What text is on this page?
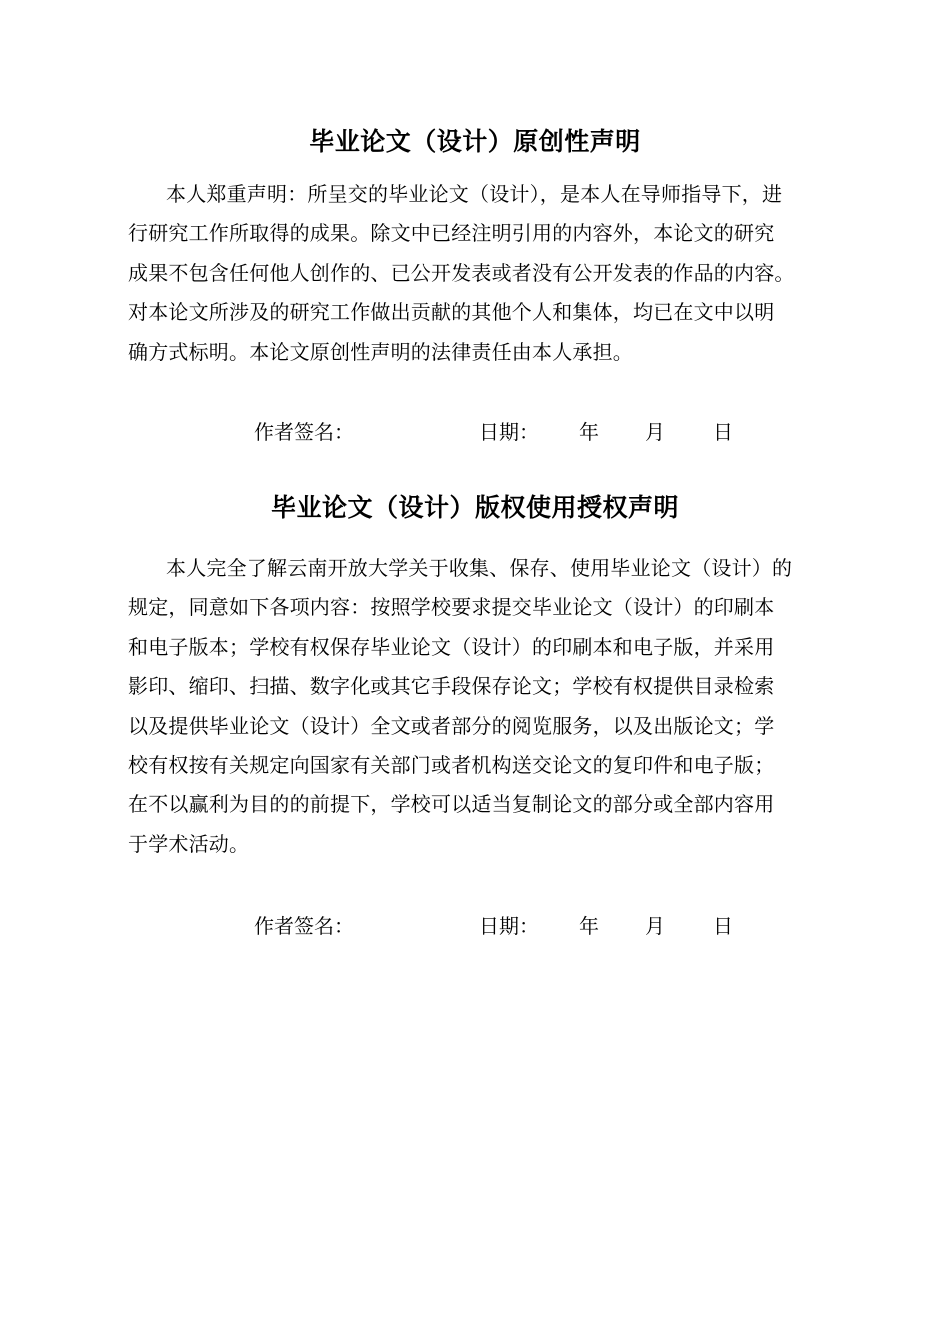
毕业论文（设计）原创性声明
本人郑重声明：所呈交的毕业论文（设计），是本人在导师指导下，进
行研究工作所取得的成果。除文中已经注明引用的内容外，本论文的研究
成果不包含任何他人创作的、已公开发表或者没有公开发表的作品的内容。
对本论文所涉及的研究工作做出贡献的其他个人和集体，均已在文中以明
确方式标明。本论文原创性声明的法律责任由本人承担。
作者签名：	日期： 年 月 日
毕业论文（设计）版权使用授权声明
本人完全了解云南开放大学关于收集、保存、使用毕业论文（设计）的
规定，同意如下各项内容：按照学校要求提交毕业论文（设计）的印刷本
和电子版本；学校有权保存毕业论文（设计）的印刷本和电子版，并采用
影印、缩印、扫描、数字化或其它手段保存论文；学校有权提供目录检索
以及提供毕业论文（设计）全文或者部分的阅览服务，以及出版论文；学
校有权按有关规定向国家有关部门或者机构送交论文的复印件和电子版；
在不以赢利为目的的前提下，学校可以适当复制论文的部分或全部内容用
于学术活动。
作者签名：	日期： 年 月 日
